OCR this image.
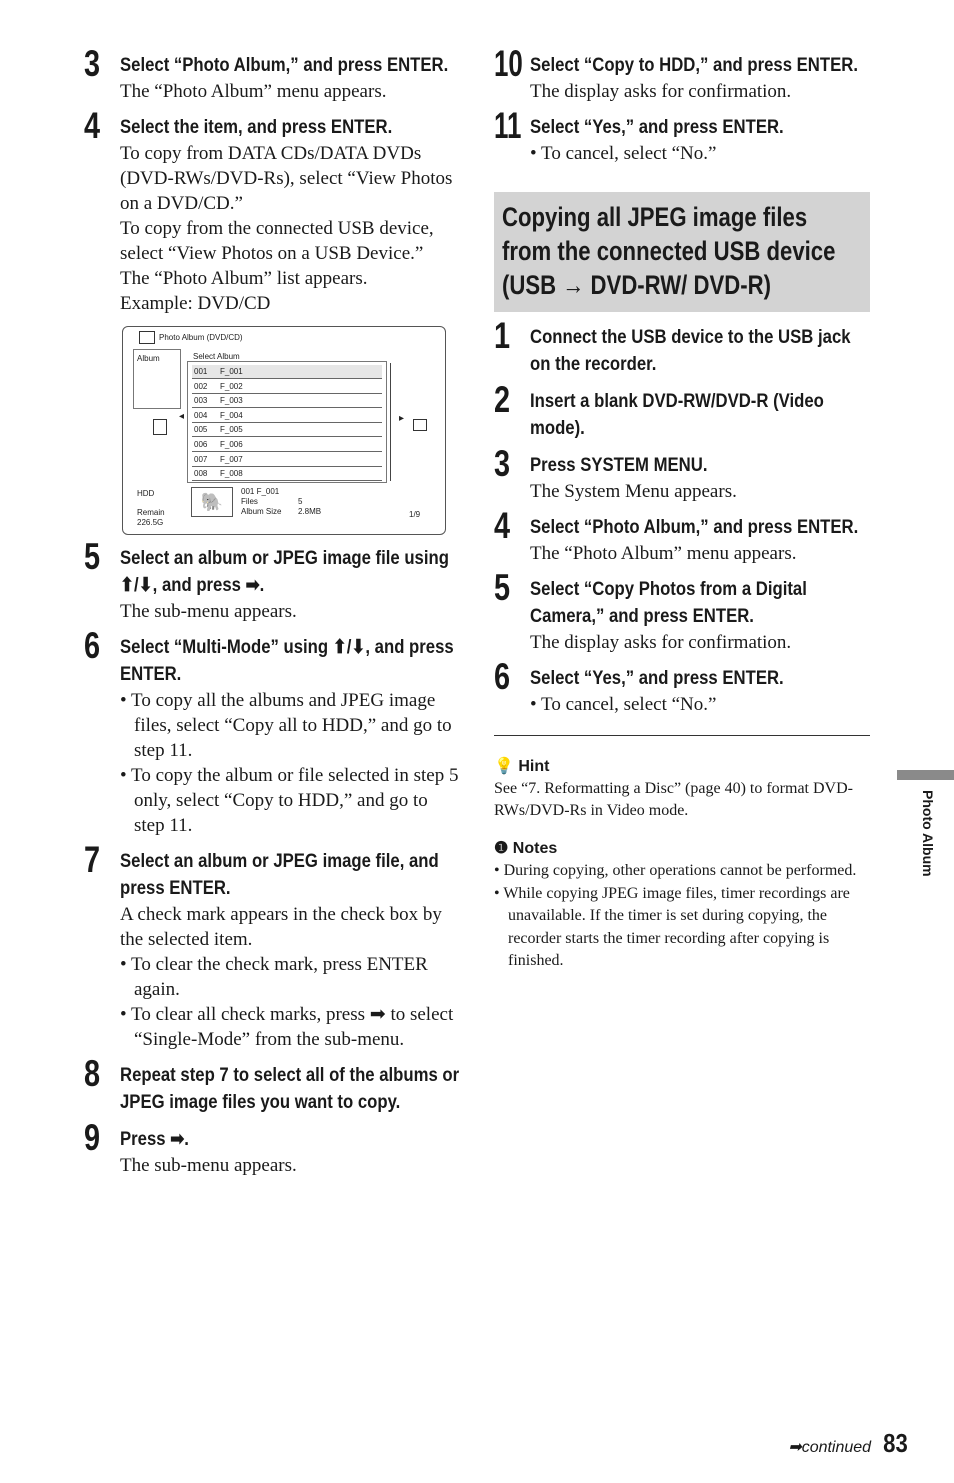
3 Select “Photo Album,” and press ENTER.
The “Photo Album” menu appears.
4 Select the item, and press ENTER.
To copy from DATA CDs/DATA DVDs (DVD-RWs/DVD-Rs), select “View Photos on a DVD/CD.”
To copy from the connected USB device, select “View Photos on a USB Device.”
The “Photo Album” list appears.
Example: DVD/CD
Photo Album (DVD/CD)
Album	Select Album
001 F_001
002 F_002
003 F_003
004 F_004
005 F_005
006 F_006
007 F_007
008 F_008
◂	▸
HDD
Remain
226.5G
🐘
001 F_001
Files	5
Album Size 2.8MB	1/9
5 Select an album or JPEG image file using ⬆/⬇, and press ➡.
The sub-menu appears.
6 Select “Multi-Mode” using ⬆/⬇, and press ENTER.
• To copy all the albums and JPEG image files, select “Copy all to HDD,” and go to step 11.
• To copy the album or file selected in step 5 only, select “Copy to HDD,” and go to step 11.
7 Select an album or JPEG image file, and press ENTER.
A check mark appears in the check box by the selected item.
• To clear the check mark, press ENTER again.
• To clear all check marks, press ➡ to select “Single-Mode” from the sub-menu.
8 Repeat step 7 to select all of the albums or JPEG image files you want to copy.
9 Press ➡.
The sub-menu appears.
10 Select “Copy to HDD,” and press ENTER.
The display asks for confirmation.
11 Select “Yes,” and press ENTER.
• To cancel, select “No.”
Copying all JPEG image files from the connected USB device (USB → DVD-RW/ DVD-R)
1 Connect the USB device to the USB jack on the recorder.
2 Insert a blank DVD-RW/DVD-R (Video mode).
3 Press SYSTEM MENU.
The System Menu appears.
4 Select “Photo Album,” and press ENTER.
The “Photo Album” menu appears.
5 Select “Copy Photos from a Digital Camera,” and press ENTER.
The display asks for confirmation.
6 Select “Yes,” and press ENTER.
• To cancel, select “No.”
💡 Hint
See “7. Reformatting a Disc” (page 40) to format DVD-RWs/DVD-Rs in Video mode.
❶ Notes
• During copying, other operations cannot be performed.
• While copying JPEG image files, timer recordings are unavailable. If the timer is set during copying, the recorder starts the timer recording after copying is finished.
Photo Album
➡continued 83
